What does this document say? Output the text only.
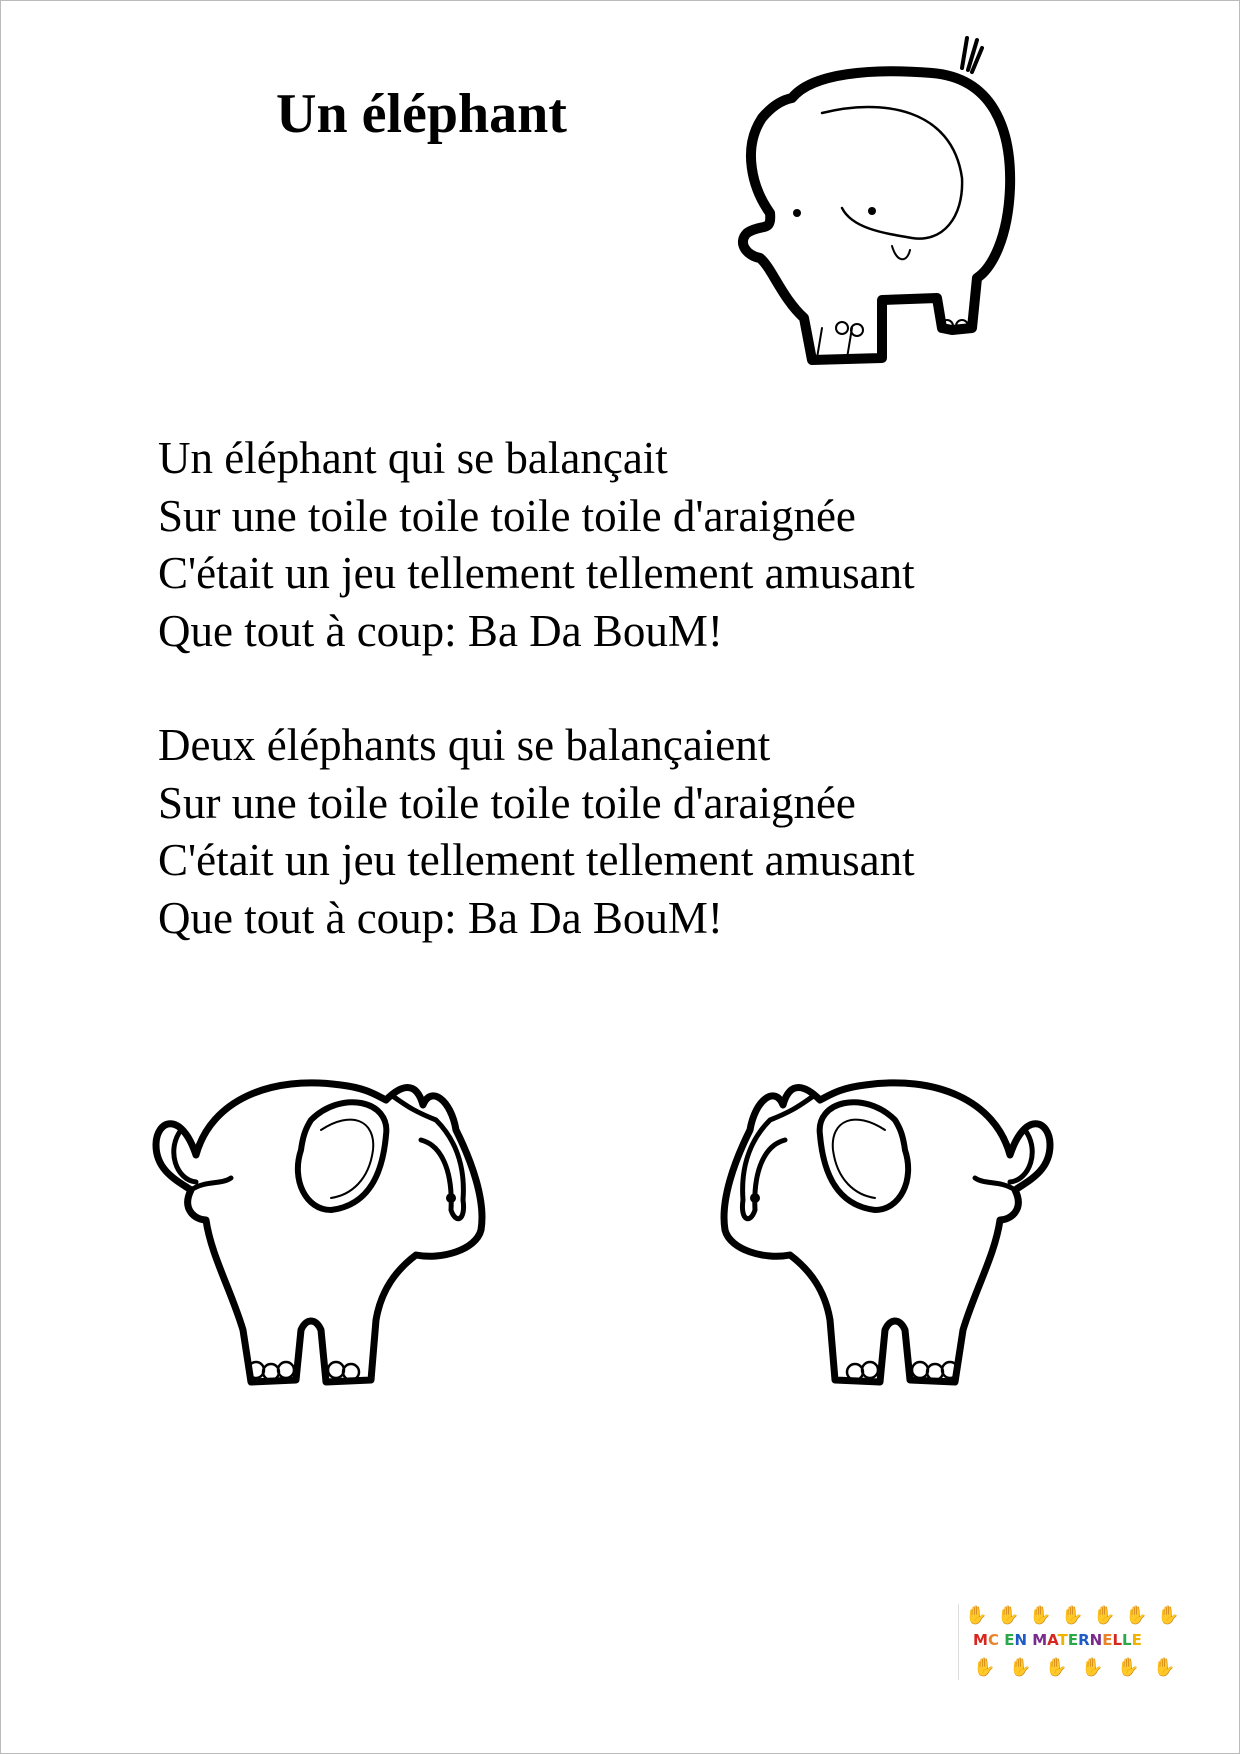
Un éléphant
Un éléphant qui se balançait
Sur une toile toile toile toile d'araignée
C'était un jeu tellement tellement amusant
Que tout à coup: Ba Da BouM!
Deux éléphants qui se balançaient
Sur une toile toile toile toile d'araignée
C'était un jeu tellement tellement amusant
Que tout à coup: Ba Da BouM!
MC EN MATERNELLE
✋ ✋ ✋ ✋ ✋ ✋ ✋
✋ ✋ ✋ ✋ ✋ ✋
